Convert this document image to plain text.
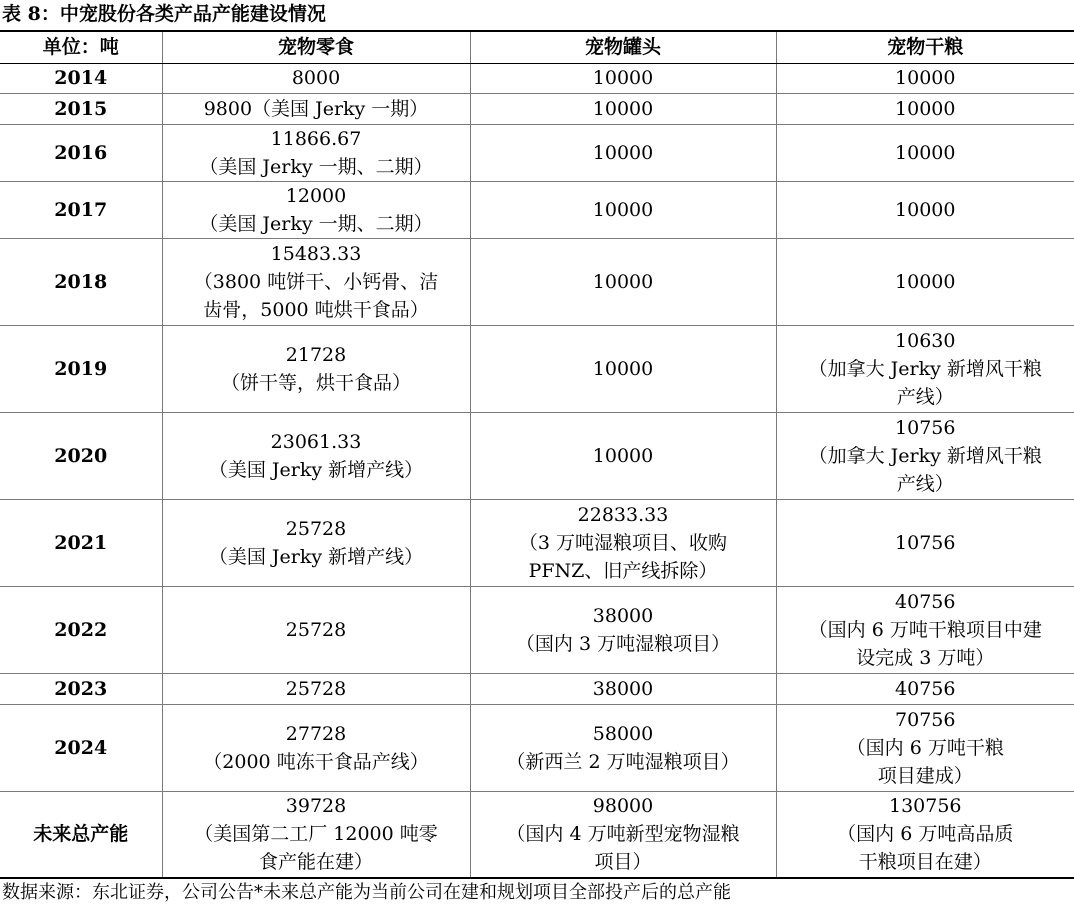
表 8：中宠股份各类产品产能建设情况
单位：吨	宠物零食	宠物罐头	宠物干粮
2014	8000	10000	10000

2015	9800（美国 Jerky 一期）	10000	10000

2016	11866.67
（美国 Jerky 一期、二期）	10000	10000

2017	12000
（美国 Jerky 一期、二期）	10000	10000

2018	15483.33
（3800 吨饼干、小钙骨、洁
齿骨，5000 吨烘干食品）	10000	10000

2019	21728
（饼干等，烘干食品）	10000	10630
（加拿大 Jerky 新增风干粮
产线）

2020	23061.33
（美国 Jerky 新增产线）	10000	10756
（加拿大 Jerky 新增风干粮
产线）

2021	25728
（美国 Jerky 新增产线）	22833.33
（3 万吨湿粮项目、收购
PFNZ、旧产线拆除）	10756

2022	25728	38000
（国内 3 万吨湿粮项目）	40756
（国内 6 万吨干粮项目中建
设完成 3 万吨）

2023	25728	38000	40756

2024	27728
（2000 吨冻干食品产线）	58000
（新西兰 2 万吨湿粮项目）	70756
（国内 6 万吨干粮
项目建成）

未来总产能	39728
（美国第二工厂 12000 吨零
食产能在建）	98000
（国内 4 万吨新型宠物湿粮
项目）	130756
（国内 6 万吨高品质
干粮项目在建）
数据来源：东北证券，公司公告*未来总产能为当前公司在建和规划项目全部投产后的总产能
